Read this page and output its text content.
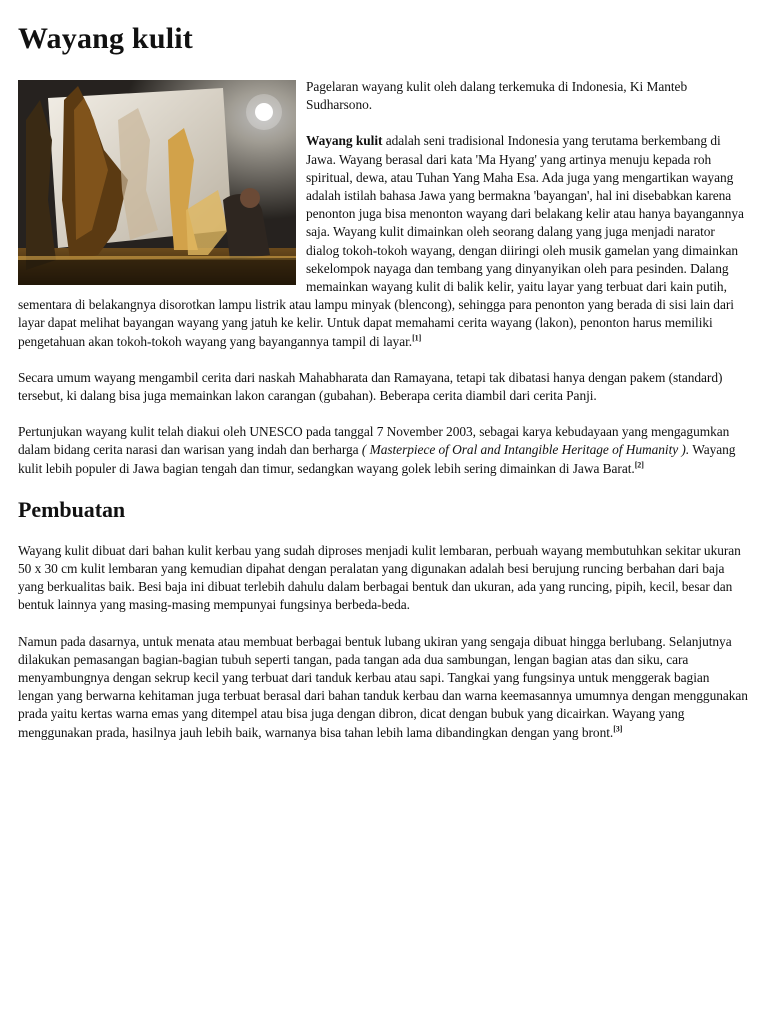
Wayang kulit

Pagelaran wayang kulit oleh dalang terkemuka di Indonesia, Ki Manteb Sudharsono.

Wayang kulit adalah seni tradisional Indonesia yang terutama berkembang di Jawa. Wayang berasal dari kata 'Ma Hyang' yang artinya menuju kepada roh spiritual, dewa, atau Tuhan Yang Maha Esa. Ada juga yang mengartikan wayang adalah istilah bahasa Jawa yang bermakna 'bayangan', hal ini disebabkan karena penonton juga bisa menonton wayang dari belakang kelir atau hanya bayangannya saja. Wayang kulit dimainkan oleh seorang dalang yang juga menjadi narator dialog tokoh-tokoh wayang, dengan diiringi oleh musik gamelan yang dimainkan sekelompok nayaga dan tembang yang dinyanyikan oleh para pesinden. Dalang memainkan wayang kulit di balik kelir, yaitu layar yang terbuat dari kain putih, sementara di belakangnya disorotkan lampu listrik atau lampu minyak (blencong), sehingga para penonton yang berada di sisi lain dari layar dapat melihat bayangan wayang yang jatuh ke kelir. Untuk dapat memahami cerita wayang (lakon), penonton harus memiliki pengetahuan akan tokoh-tokoh wayang yang bayangannya tampil di layar.[1]

Secara umum wayang mengambil cerita dari naskah Mahabharata dan Ramayana, tetapi tak dibatasi hanya dengan pakem (standard) tersebut, ki dalang bisa juga memainkan lakon carangan (gubahan). Beberapa cerita diambil dari cerita Panji.

Pertunjukan wayang kulit telah diakui oleh UNESCO pada tanggal 7 November 2003, sebagai karya kebudayaan yang mengagumkan dalam bidang cerita narasi dan warisan yang indah dan berharga ( Masterpiece of Oral and Intangible Heritage of Humanity ). Wayang kulit lebih populer di Jawa bagian tengah dan timur, sedangkan wayang golek lebih sering dimainkan di Jawa Barat.[2]

Pembuatan

Wayang kulit dibuat dari bahan kulit kerbau yang sudah diproses menjadi kulit lembaran, perbuah wayang membutuhkan sekitar ukuran 50 x 30 cm kulit lembaran yang kemudian dipahat dengan peralatan yang digunakan adalah besi berujung runcing berbahan dari baja yang berkualitas baik. Besi baja ini dibuat terlebih dahulu dalam berbagai bentuk dan ukuran, ada yang runcing, pipih, kecil, besar dan bentuk lainnya yang masing-masing mempunyai fungsinya berbeda-beda.

Namun pada dasarnya, untuk menata atau membuat berbagai bentuk lubang ukiran yang sengaja dibuat hingga berlubang. Selanjutnya dilakukan pemasangan bagian-bagian tubuh seperti tangan, pada tangan ada dua sambungan, lengan bagian atas dan siku, cara menyambungnya dengan sekrup kecil yang terbuat dari tanduk kerbau atau sapi. Tangkai yang fungsinya untuk menggerak bagian lengan yang berwarna kehitaman juga terbuat berasal dari bahan tanduk kerbau dan warna keemasannya umumnya dengan menggunakan prada yaitu kertas warna emas yang ditempel atau bisa juga dengan dibron, dicat dengan bubuk yang dicairkan. Wayang yang menggunakan prada, hasilnya jauh lebih baik, warnanya bisa tahan lebih lama dibandingkan dengan yang bront.[3]
